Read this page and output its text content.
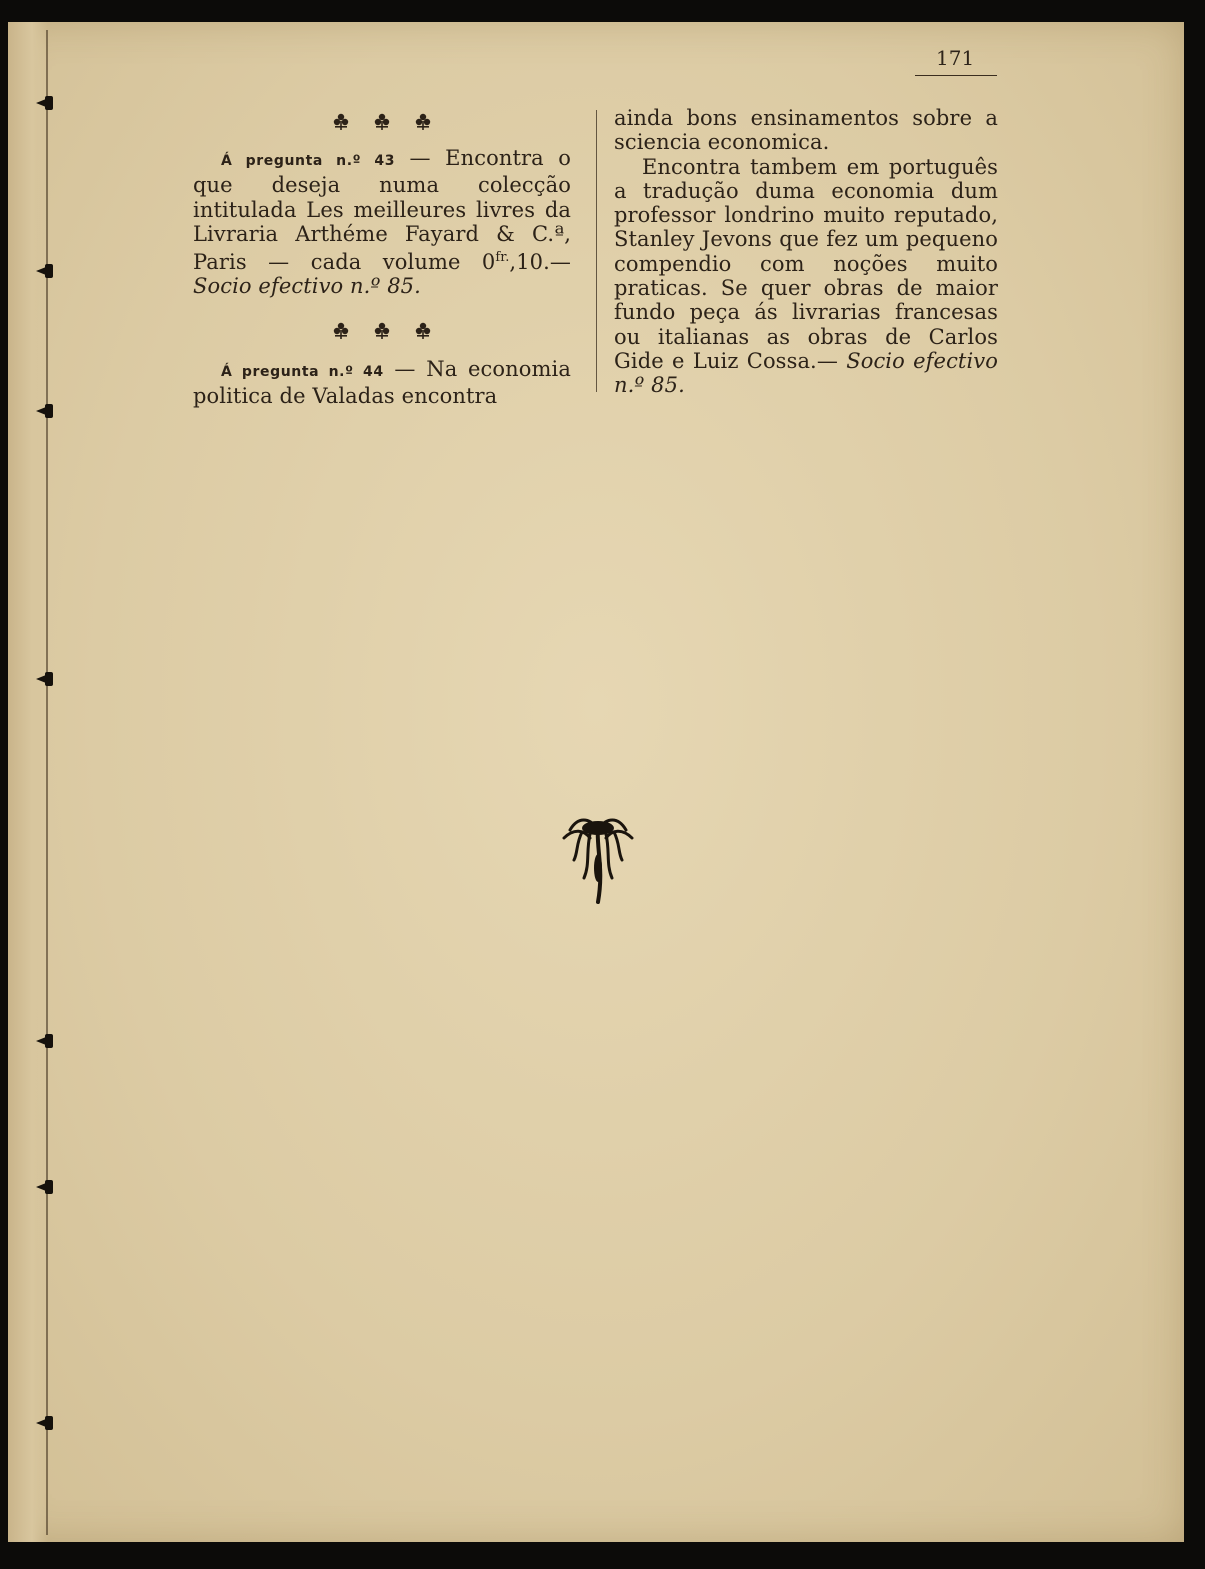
171

Á pregunta n.º 43 — Encontra o que deseja numa colecção intitulada Les meilleures livres da Livraria Arthéme Fayard & C.ª, Paris — cada volume $0^{fr.},10.—$ Socio efectivo n.º 85.

Á pregunta n.º 44 — Na economia politica de Valadas encontra

ainda bons ensinamentos sobre a sciencia economica.

Encontra tambem em português a tradução duma economia dum professor londrino muito reputado, Stanley Jevons que fez um pequeno compendio com noções muito praticas. Se quer obras de maior fundo peça ás livrarias francesas ou italianas as obras de Carlos Gide e Luiz Cossa.— Socio efectivo n.º 85.
